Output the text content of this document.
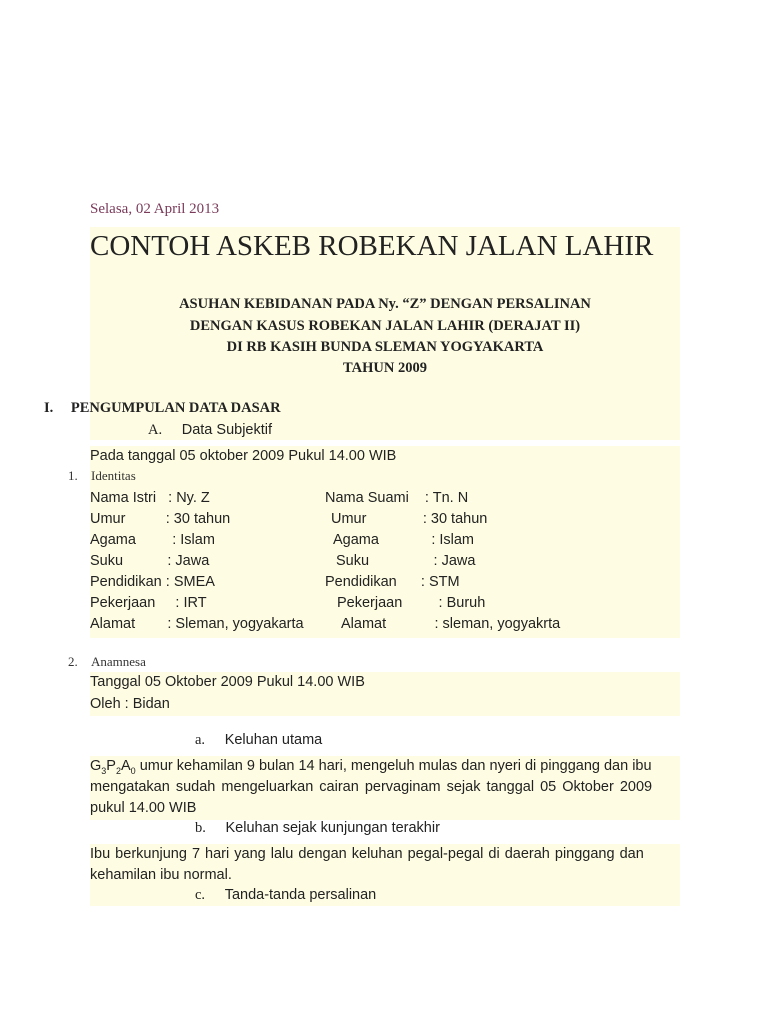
Selasa, 02 April 2013
CONTOH ASKEB ROBEKAN JALAN LAHIR
ASUHAN KEBIDANAN PADA Ny. “Z” DENGAN PERSALINAN
DENGAN KASUS ROBEKAN JALAN LAHIR (DERAJAT II)
DI RB KASIH BUNDA SLEMAN YOGYAKARTA
TAHUN 2009
I. PENGUMPULAN DATA DASAR
A. Data Subjektif
Pada tanggal 05 oktober 2009 Pukul 14.00 WIB
1. Identitas
Nama Istri   : Ny. Z	Nama Suami    : Tn. N
Umur          : 30 tahun	Umur              : 30 tahun
Agama         : Islam	Agama             : Islam
Suku           : Jawa	Suku                : Jawa
Pendidikan : SMEA	Pendidikan      : STM
Pekerjaan     : IRT	Pekerjaan         : Buruh
Alamat        : Sleman, yogyakarta	Alamat            : sleman, yogyakrta
2. Anamnesa
Tanggal 05 Oktober 2009 Pukul 14.00 WIB
Oleh : Bidan
a. Keluhan utama
$G_3P_2A_0$ umur kehamilan 9 bulan 14 hari, mengeluh mulas dan nyeri di pinggang dan ibu
mengatakan sudah mengeluarkan cairan pervaginam sejak tanggal 05 Oktober 2009
pukul 14.00 WIB
b. Keluhan sejak kunjungan terakhir
Ibu berkunjung 7 hari yang lalu dengan keluhan pegal-pegal di daerah pinggang dan
kehamilan ibu normal.
c. Tanda-tanda persalinan
